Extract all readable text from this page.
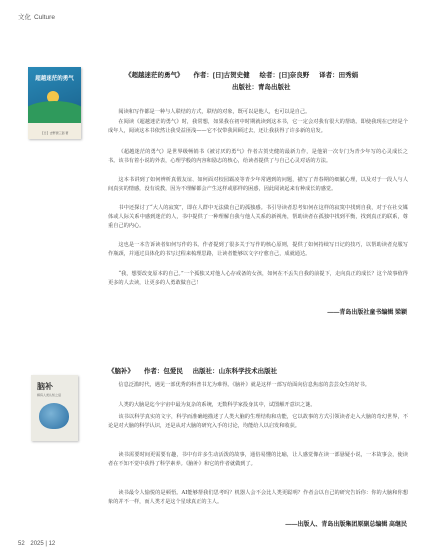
文化 Culture
超越迷茫的勇气
【日】吉野源三郎 著
《超越迷茫的勇气》 作者：[日]古贺史健 绘者：[日]奈良野 译者：田秀娟
出版社：青岛出版社

阅读和写作都是一种与人联结的方式，联结的对象，既可以是他人，也可以是自己。

在阅读《超越迷茫的勇气》时，我常想，如果我在初中时期就读到这本书，它一定会对我有很大的帮助。即使我现在已经是个成年人，阅读这本书依然让我受益匪浅——它不仅带我回顾过去，还让我获得了许多新的启发。

《超越迷茫的勇气》是世界级畅销书《被讨厌的勇气》作者古贺史健的最新力作，是他第一次专门为青少年写的心灵成长之书。该书有着小说的外表，心理学般的内容和励志的核心，给读者提供了与自己心灵对话的方法。

这本书讲到了如何辨析真假友谊、如何面对校园霸凌等青少年常遇到的问题，描写了青春期的细腻心理，以及对于一段人与人间真实的情感，没有说教，因为不理解都会产生这样或那样的困惑，因此阅读起来有种成长的感觉。

书中还探讨了“大人的寂寞”，即在人群中无法做自己的孤独感。书引导读者思考如何在这样的寂寞中找到自我，对于在社交媒体或人际关系中感到迷茫的人，书中提供了一种理解自我与他人关系的新视角，帮助读者在孤独中找到平衡，找到真正的联系，尊重自己的内心。

这也是一本告诉读者如何写作的书。作者提到了很多关于写作的核心原则，提供了如何持续写日记的技巧，以帮助读者克服写作瓶颈，并通过具体化的书写过程来梳理思路，让读者能够以文字疗愈自己，成就通达。

“我，想要改变原本的自己。”一个孤独又对他人心存戒备的女孩，如何在不丢失自我的前提下，走向真正的成长？这个故事值得更多的人去读，让更多的人勇敢做自己！

——青岛出版社童书编辑 梁颖
脑补
解码人类认知之谜
《脑补》 作者：包爱民 出版社：山东科学技术出版社

信息泛滥时代，遇见一部优秀的科普书尤为难得。《脑补》就是这样一部写给面向信息焦虑的芸芸众生的好书。

人类的大脑是迄今宇宙中最为复杂的系统，无数科学家投身其中，试图解开意识之谜。

该书以科学真实的文字，科学而准确地描述了人类大脑的生理结构和功能，它以故事的方式引领读者走入大脑的奇幻世界，不论是对大脑的科学认识，还是从对大脑的研究入手的讨论，均能给人以启发和收获。

读书需要时间更需要有趣，书中有许多生动活泼的故事，通俗易懂的比喻，让人感觉像在读一部悬疑小说，一本故事会，使读者在不知不觉中获得了科学素养。《脑补》和它的作者就做到了。

读书最令人愉悦的是顿悟。AI能够帮我们思考吗？机器人会不会比人类更聪明？作者会以自己的研究告诉你：你的大脑和你想象的并不一样，而人类才是这个星球真正的主人。

——出版人、青岛出版集团原副总编辑 高继民
52 2025 | 12
